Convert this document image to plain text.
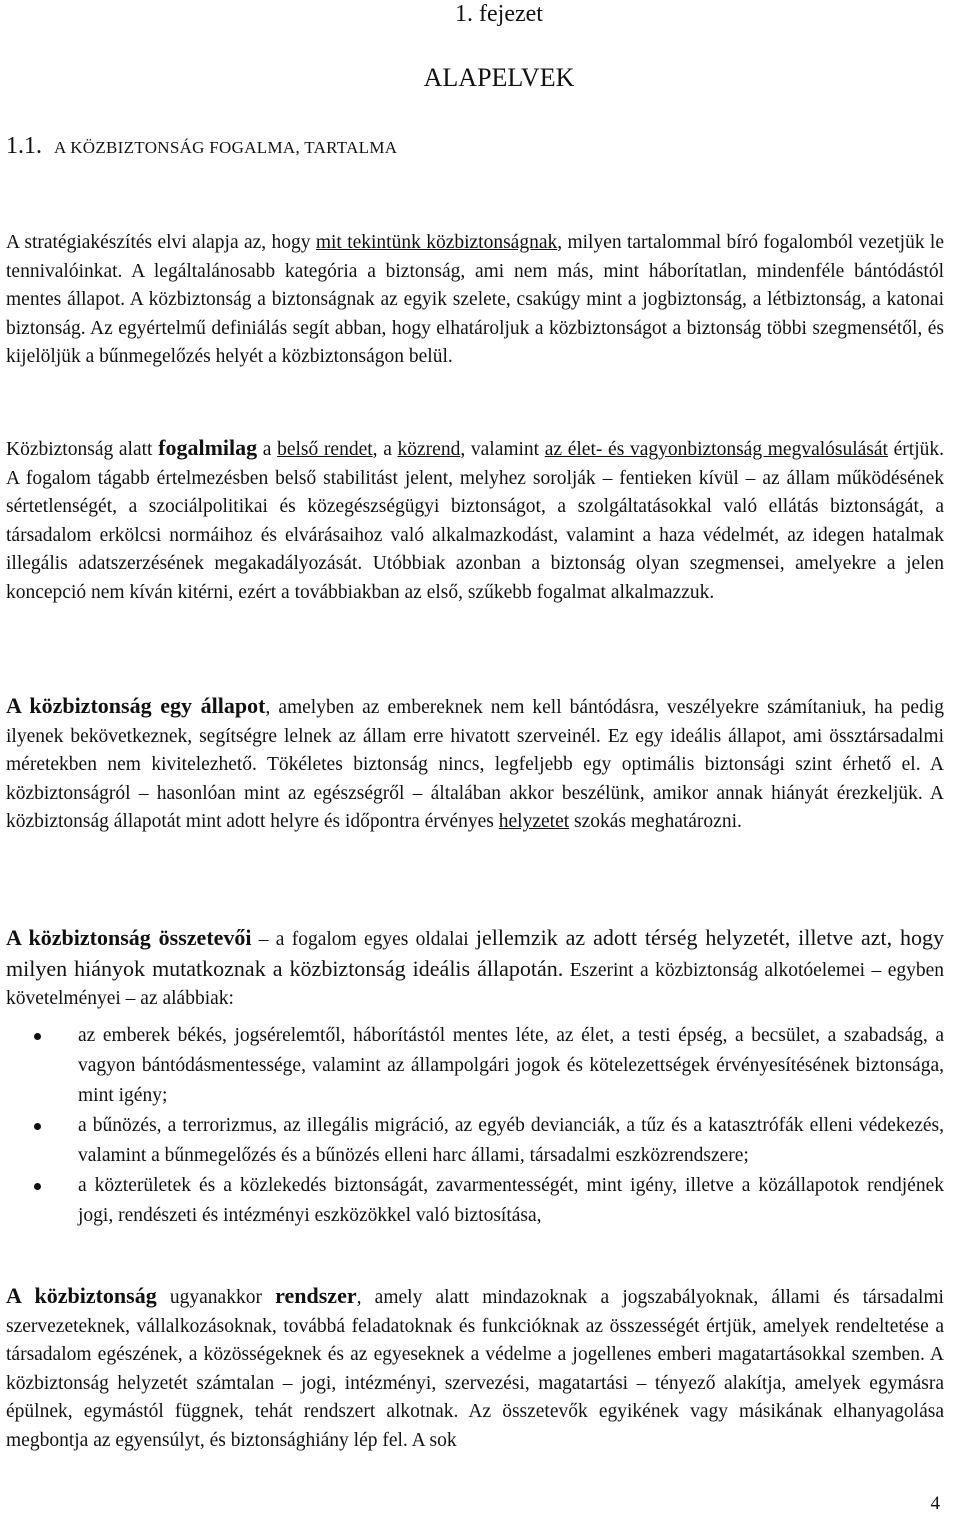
1. fejezet
ALAPELVEK
1.1. A KÖZBIZTONSÁG FOGALMA, TARTALMA

A stratégiakészítés elvi alapja az, hogy mit tekintünk közbiztonságnak, milyen tartalommal bíró fogalomból vezetjük le tennivalóinkat. A legáltalánosabb kategória a biztonság, ami nem más, mint háborítatlan, mindenféle bántódástól mentes állapot. A közbiztonság a biztonságnak az egyik szelete, csakúgy mint a jogbiztonság, a létbiztonság, a katonai biztonság. Az egyértelmű definiálás segít abban, hogy elhatároljuk a közbiztonságot a biztonság többi szegmensétől, és kijelöljük a bűnmegelőzés helyét a közbiztonságon belül.

Közbiztonság alatt fogalmilag a belső rendet, a közrend, valamint az élet- és vagyonbiztonság megvalósulását értjük. A fogalom tágabb értelmezésben belső stabilitást jelent, melyhez sorolják – fentieken kívül – az állam működésének sértetlenségét, a szociálpolitikai és közegészségügyi biztonságot, a szolgáltatásokkal való ellátás biztonságát, a társadalom erkölcsi normáihoz és elvárásaihoz való alkalmazkodást, valamint a haza védelmét, az idegen hatalmak illegális adatszerzésének megakadályozását. Utóbbiak azonban a biztonság olyan szegmensei, amelyekre a jelen koncepció nem kíván kitérni, ezért a továbbiakban az első, szűkebb fogalmat alkalmazzuk.

A közbiztonság egy állapot, amelyben az embereknek nem kell bántódásra, veszélyekre számítaniuk, ha pedig ilyenek bekövetkeznek, segítségre lelnek az állam erre hivatott szerveinél. Ez egy ideális állapot, ami össztársadalmi méretekben nem kivitelezhető. Tökéletes biztonság nincs, legfeljebb egy optimális biztonsági szint érhető el. A közbiztonságról – hasonlóan mint az egészségről – általában akkor beszélünk, amikor annak hiányát érezkeljük. A közbiztonság állapotát mint adott helyre és időpontra érvényes helyzetet szokás meghatározni.

A közbiztonság összetevői – a fogalom egyes oldalai jellemzik az adott térség helyzetét, illetve azt, hogy milyen hiányok mutatkoznak a közbiztonság ideális állapotán. Eszerint a közbiztonság alkotóelemei – egyben követelményei – az alábbiak:

az emberek békés, jogsérelemtől, háborítástól mentes léte, az élet, a testi épség, a becsület, a szabadság, a vagyon bántódásmentessége, valamint az állampolgári jogok és kötelezettségek érvényesítésének biztonsága, mint igény;
a bűnözés, a terrorizmus, az illegális migráció, az egyéb devianciák, a tűz és a katasztrófák elleni védekezés, valamint a bűnmegelőzés és a bűnözés elleni harc állami, társadalmi eszközrendszere;
a közterületek és a közlekedés biztonságát, zavarmentességét, mint igény, illetve a közállapotok rendjének jogi, rendészeti és intézményi eszközökkel való biztosítása,

A közbiztonság ugyanakkor rendszer, amely alatt mindazoknak a jogszabályoknak, állami és társadalmi szervezeteknek, vállalkozásoknak, továbbá feladatoknak és funkcióknak az összességét értjük, amelyek rendeltetése a társadalom egészének, a közösségeknek és az egyeseknek a védelme a jogellenes emberi magatartásokkal szemben. A közbiztonság helyzetét számtalan – jogi, intézményi, szervezési, magatartási – tényező alakítja, amelyek egymásra épülnek, egymástól függnek, tehát rendszert alkotnak. Az összetevők egyikének vagy másikának elhanyagolása megbontja az egyensúlyt, és biztonsághiány lép fel. A sok

4
